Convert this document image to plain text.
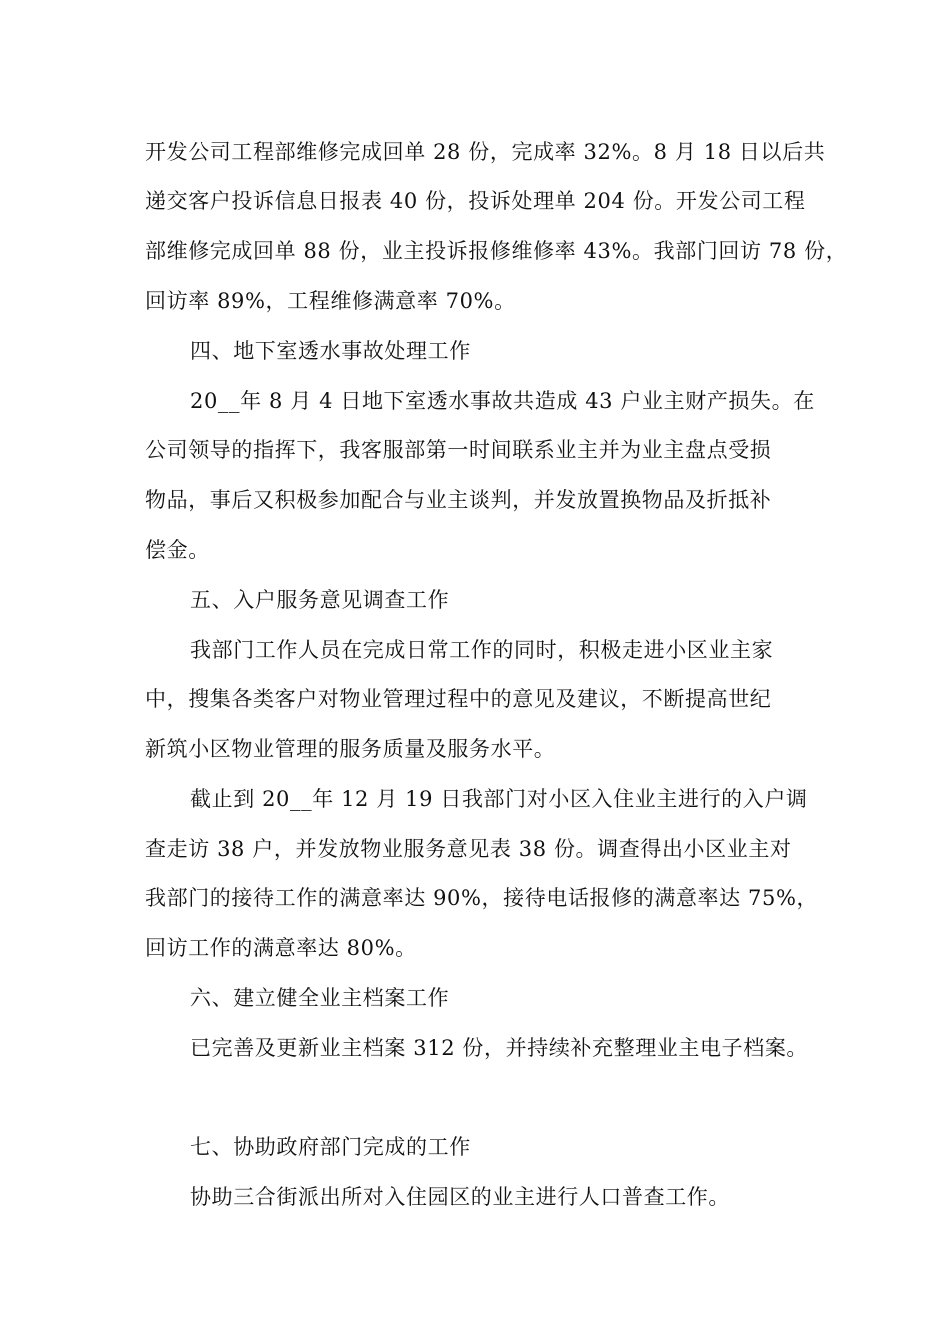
开发公司工程部维修完成回单 28 份，完成率 32%。8 月 18 日以后共
递交客户投诉信息日报表 40 份，投诉处理单 204 份。开发公司工程
部维修完成回单 88 份，业主投诉报修维修率 43%。我部门回访 78 份，
回访率 89%，工程维修满意率 70%。
四、地下室透水事故处理工作
20__年 8 月 4 日地下室透水事故共造成 43 户业主财产损失。在
公司领导的指挥下，我客服部第一时间联系业主并为业主盘点受损
物品，事后又积极参加配合与业主谈判，并发放置换物品及折抵补
偿金。
五、入户服务意见调查工作
我部门工作人员在完成日常工作的同时，积极走进小区业主家
中，搜集各类客户对物业管理过程中的意见及建议，不断提高世纪
新筑小区物业管理的服务质量及服务水平。
截止到 20__年 12 月 19 日我部门对小区入住业主进行的入户调
查走访 38 户，并发放物业服务意见表 38 份。调查得出小区业主对
我部门的接待工作的满意率达 90%，接待电话报修的满意率达 75%，
回访工作的满意率达 80%。
六、建立健全业主档案工作
已完善及更新业主档案 312 份，并持续补充整理业主电子档案。
七、协助政府部门完成的工作
协助三合街派出所对入住园区的业主进行人口普查工作。
